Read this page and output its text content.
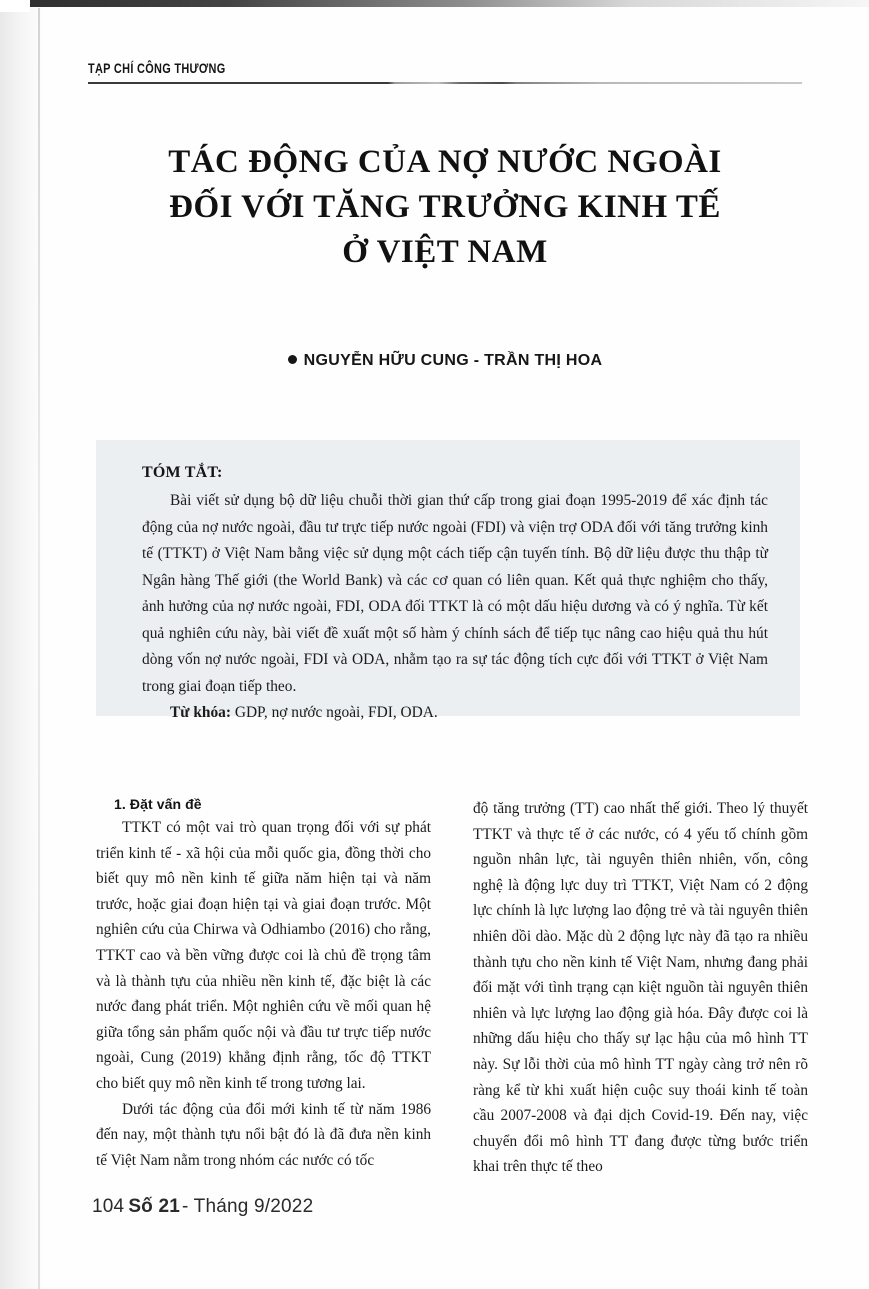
TẠP CHÍ CÔNG THƯƠNG
TÁC ĐỘNG CỦA NỢ NƯỚC NGOÀI
ĐỐI VỚI TĂNG TRƯỞNG KINH TẾ
Ở VIỆT NAM
NGUYỄN HỮU CUNG - TRẦN THỊ HOA
TÓM TẮT:

Bài viết sử dụng bộ dữ liệu chuỗi thời gian thứ cấp trong giai đoạn 1995-2019 để xác định tác động của nợ nước ngoài, đầu tư trực tiếp nước ngoài (FDI) và viện trợ ODA đối với tăng trưởng kinh tế (TTKT) ở Việt Nam bằng việc sử dụng một cách tiếp cận tuyến tính. Bộ dữ liệu được thu thập từ Ngân hàng Thế giới (the World Bank) và các cơ quan có liên quan. Kết quả thực nghiệm cho thấy, ảnh hưởng của nợ nước ngoài, FDI, ODA đối TTKT là có một dấu hiệu dương và có ý nghĩa. Từ kết quả nghiên cứu này, bài viết đề xuất một số hàm ý chính sách để tiếp tục nâng cao hiệu quả thu hút dòng vốn nợ nước ngoài, FDI và ODA, nhằm tạo ra sự tác động tích cực đối với TTKT ở Việt Nam trong giai đoạn tiếp theo.

Từ khóa: GDP, nợ nước ngoài, FDI, ODA.

1. Đặt vấn đề

TTKT có một vai trò quan trọng đối với sự phát triển kinh tế - xã hội của mỗi quốc gia, đồng thời cho biết quy mô nền kinh tế giữa năm hiện tại và năm trước, hoặc giai đoạn hiện tại và giai đoạn trước. Một nghiên cứu của Chirwa và Odhiambo (2016) cho rằng, TTKT cao và bền vững được coi là chủ đề trọng tâm và là thành tựu của nhiều nền kinh tế, đặc biệt là các nước đang phát triển. Một nghiên cứu về mối quan hệ giữa tổng sản phẩm quốc nội và đầu tư trực tiếp nước ngoài, Cung (2019) khẳng định rằng, tốc độ TTKT cho biết quy mô nền kinh tế trong tương lai.

Dưới tác động của đổi mới kinh tế từ năm 1986 đến nay, một thành tựu nổi bật đó là đã đưa nền kinh tế Việt Nam nằm trong nhóm các nước có tốc

độ tăng trưởng (TT) cao nhất thế giới. Theo lý thuyết TTKT và thực tế ở các nước, có 4 yếu tố chính gồm nguồn nhân lực, tài nguyên thiên nhiên, vốn, công nghệ là động lực duy trì TTKT, Việt Nam có 2 động lực chính là lực lượng lao động trẻ và tài nguyên thiên nhiên dồi dào. Mặc dù 2 động lực này đã tạo ra nhiều thành tựu cho nền kinh tế Việt Nam, nhưng đang phải đối mặt với tình trạng cạn kiệt nguồn tài nguyên thiên nhiên và lực lượng lao động già hóa. Đây được coi là những dấu hiệu cho thấy sự lạc hậu của mô hình TT này. Sự lỗi thời của mô hình TT ngày càng trở nên rõ ràng kể từ khi xuất hiện cuộc suy thoái kinh tế toàn cầu 2007-2008 và đại dịch Covid-19. Đến nay, việc chuyển đổi mô hình TT đang được từng bước triển khai trên thực tế theo

104 Số 21 - Tháng 9/2022
